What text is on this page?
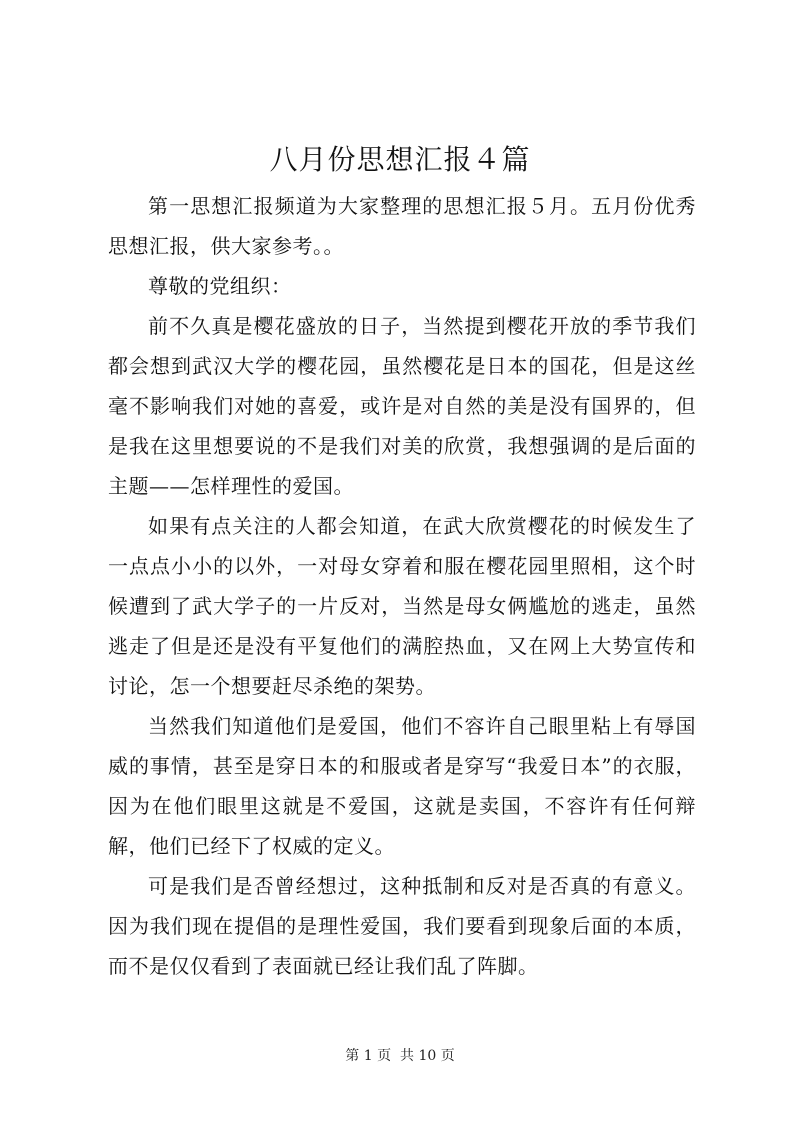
八月份思想汇报４篇

第一思想汇报频道为大家整理的思想汇报５月。五月份优秀思想汇报，供大家参考。。

尊敬的党组织：

前不久真是樱花盛放的日子，当然提到樱花开放的季节我们都会想到武汉大学的樱花园，虽然樱花是日本的国花，但是这丝毫不影响我们对她的喜爱，或许是对自然的美是没有国界的，但是我在这里想要说的不是我们对美的欣赏，我想强调的是后面的主题——怎样理性的爱国。

如果有点关注的人都会知道，在武大欣赏樱花的时候发生了一点点小小的以外，一对母女穿着和服在樱花园里照相，这个时候遭到了武大学子的一片反对，当然是母女俩尴尬的逃走，虽然逃走了但是还是没有平复他们的满腔热血，又在网上大势宣传和讨论，怎一个想要赶尽杀绝的架势。

当然我们知道他们是爱国，他们不容许自己眼里粘上有辱国威的事情，甚至是穿日本的和服或者是穿写“我爱日本”的衣服，因为在他们眼里这就是不爱国，这就是卖国，不容许有任何辩解，他们已经下了权威的定义。

可是我们是否曾经想过，这种抵制和反对是否真的有意义。因为我们现在提倡的是理性爱国，我们要看到现象后面的本质，而不是仅仅看到了表面就已经让我们乱了阵脚。

第 1 页  共 10 页
